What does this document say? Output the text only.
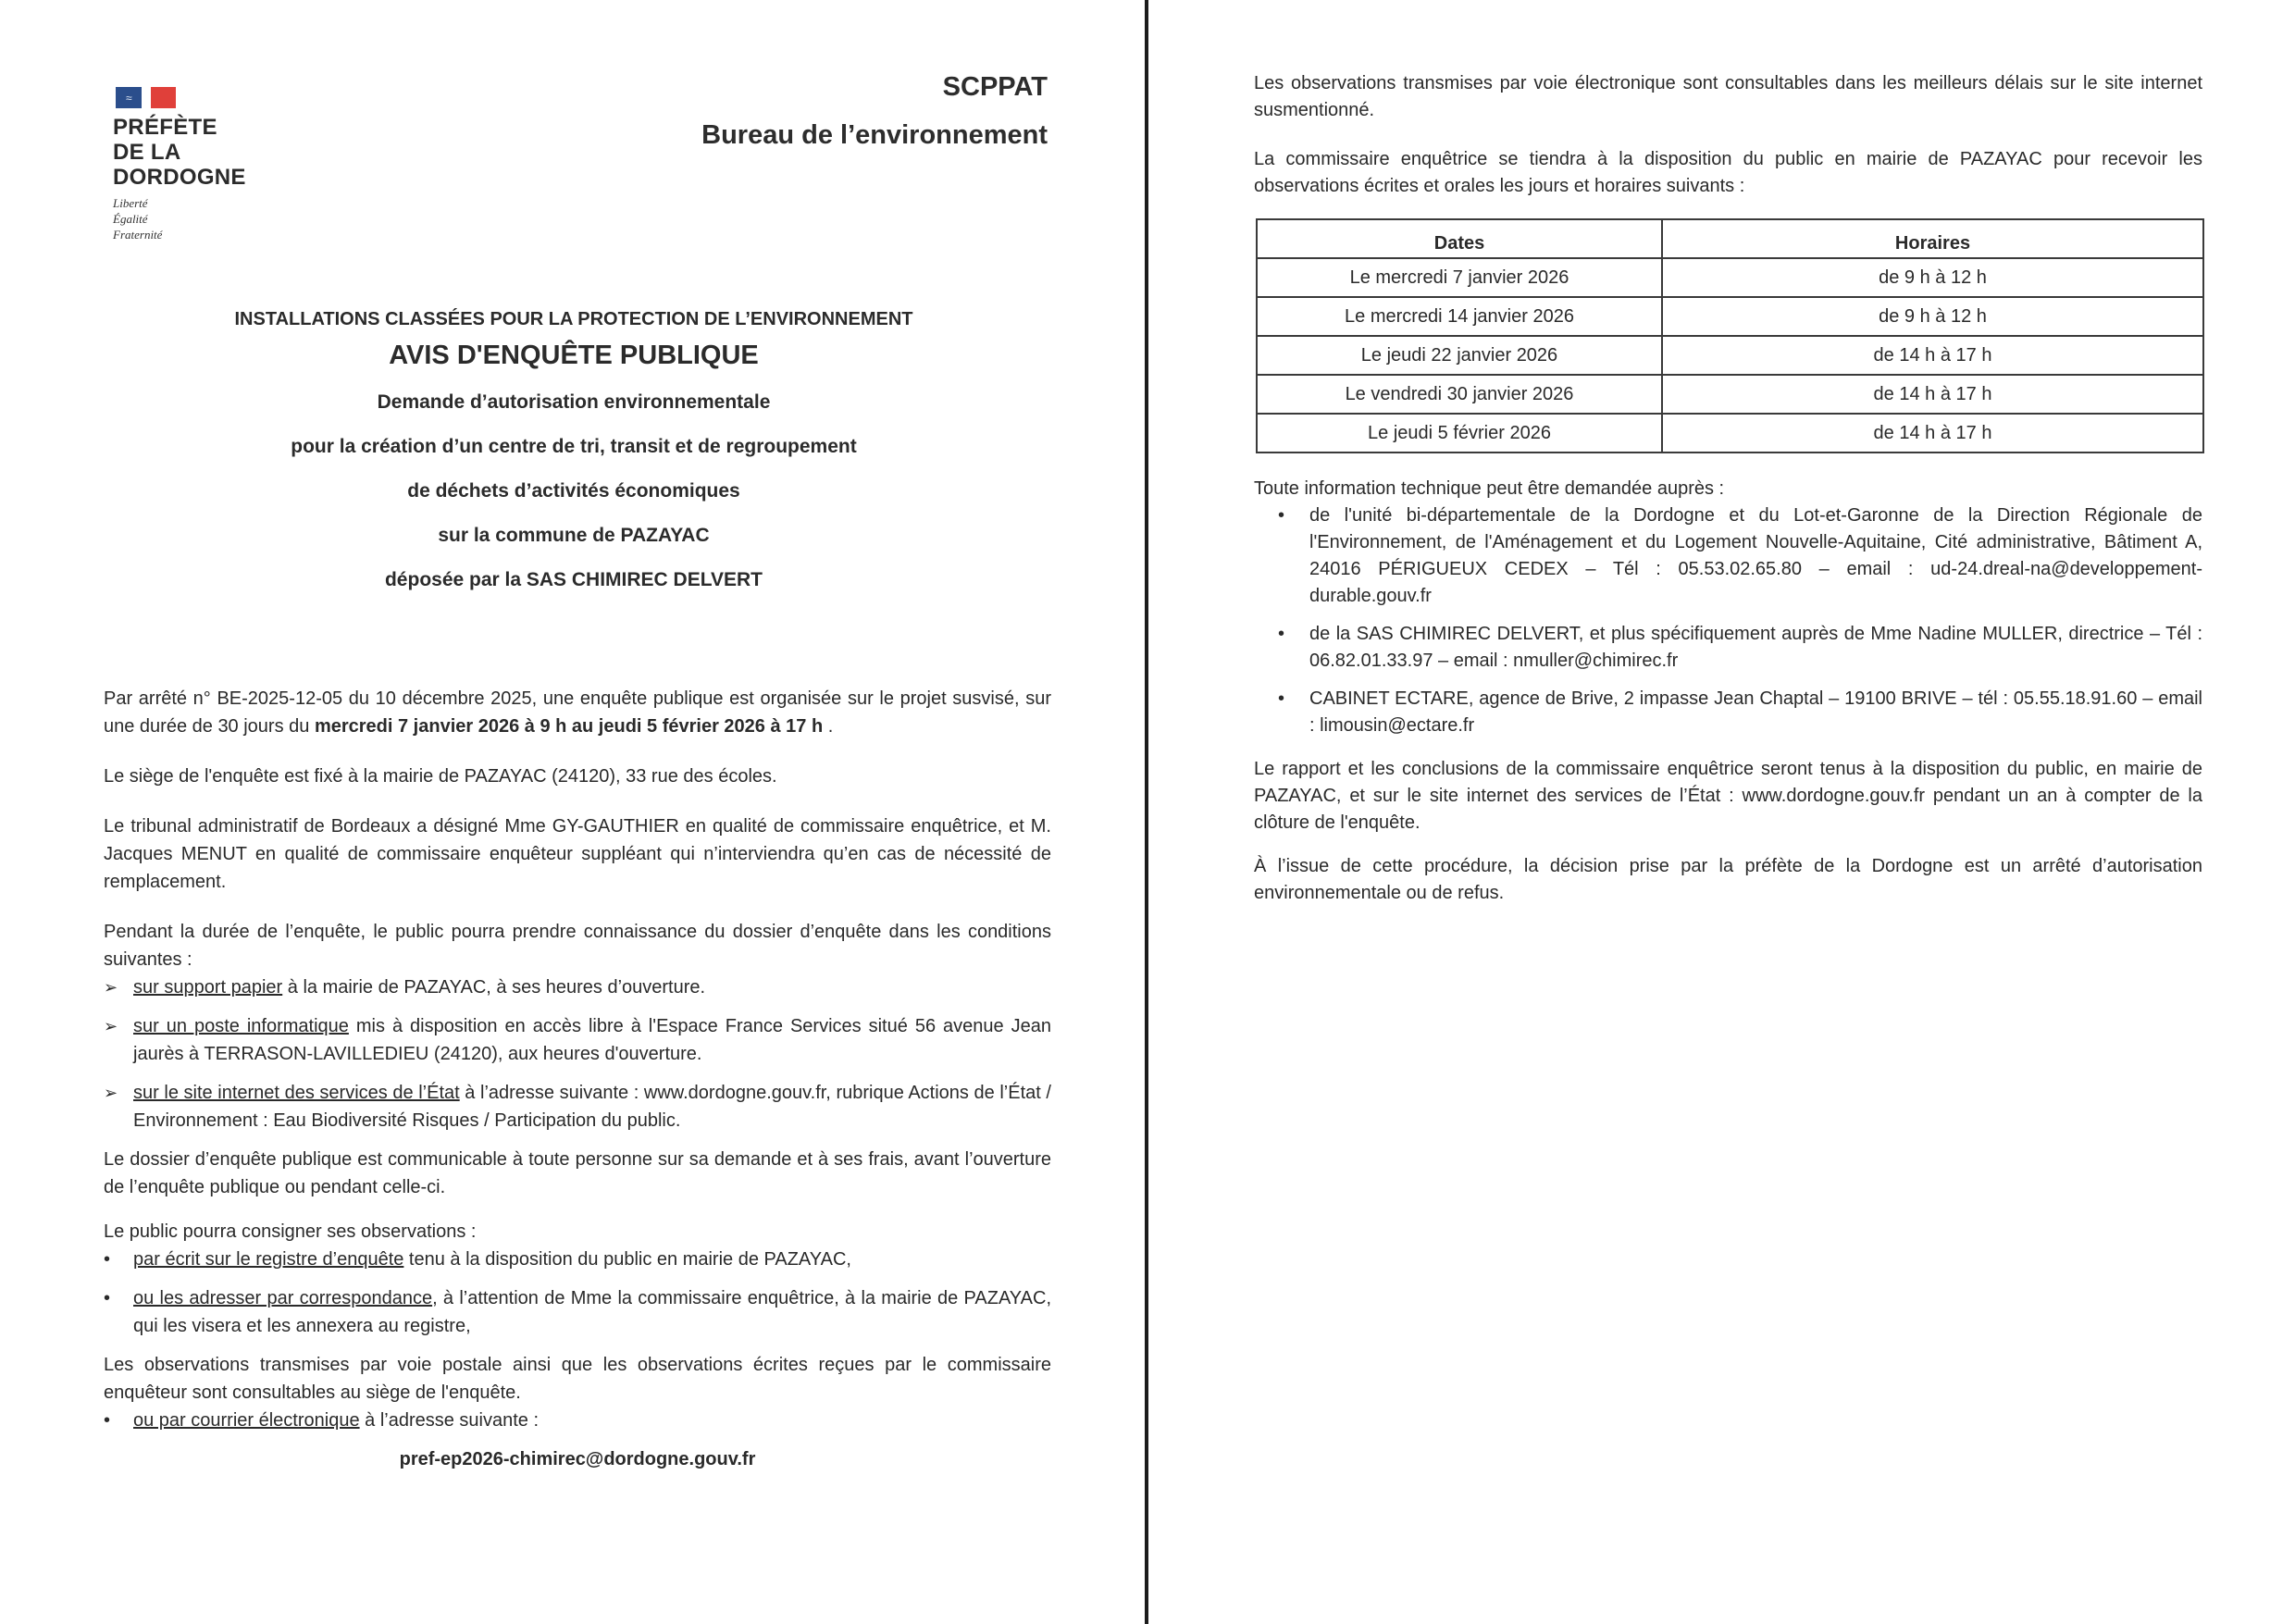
≈
PRÉFÈTE
DE LA
DORDOGNE
Liberté
Égalité
Fraternité
SCPPAT
Bureau de l’environnement
INSTALLATIONS CLASSÉES POUR LA PROTECTION DE L’ENVIRONNEMENT
AVIS D'ENQUÊTE PUBLIQUE
Demande d’autorisation environnementale
pour la création d’un centre de tri, transit et de regroupement
de déchets d’activités économiques
sur la commune de PAZAYAC
déposée par la SAS CHIMIREC DELVERT

Par arrêté n° BE-2025-12-05 du 10 décembre 2025, une enquête publique est organisée sur le projet susvisé, sur une durée de 30 jours du mercredi 7 janvier 2026 à 9 h au jeudi 5 février 2026 à 17 h .

Le siège de l'enquête est fixé à la mairie de PAZAYAC (24120), 33 rue des écoles.

Le tribunal administratif de Bordeaux a désigné Mme GY-GAUTHIER en qualité de commissaire enquêtrice, et M. Jacques MENUT en qualité de commissaire enquêteur suppléant qui n’interviendra qu’en cas de nécessité de remplacement.

Pendant la durée de l’enquête, le public pourra prendre connaissance du dossier d’enquête dans les conditions suivantes :

➢ sur support papier à la mairie de PAZAYAC, à ses heures d’ouverture.
➢ sur un poste informatique mis à disposition en accès libre à l'Espace France Services situé 56 avenue Jean jaurès à TERRASON-LAVILLEDIEU (24120), aux heures d'ouverture.
➢ sur le site internet des services de l’État à l’adresse suivante : www.dordogne.gouv.fr, rubrique Actions de l’État / Environnement : Eau Biodiversité Risques / Participation du public.

Le dossier d’enquête publique est communicable à toute personne sur sa demande et à ses frais, avant l’ouverture de l’enquête publique ou pendant celle-ci.

Le public pourra consigner ses observations :

•	par écrit sur le registre d’enquête tenu à la disposition du public en mairie de PAZAYAC,
•	ou les adresser par correspondance, à l’attention de Mme la commissaire enquêtrice, à la mairie de PAZAYAC, qui les visera et les annexera au registre,

Les observations transmises par voie postale ainsi que les observations écrites reçues par le commissaire enquêteur sont consultables au siège de l'enquête.

•	ou par courrier électronique à l’adresse suivante :
pref-ep2026-chimirec@dordogne.gouv.fr

Les observations transmises par voie électronique sont consultables dans les meilleurs délais sur le site internet susmentionné.

La commissaire enquêtrice se tiendra à la disposition du public en mairie de PAZAYAC pour recevoir les observations écrites et orales les jours et horaires suivants :

Dates	Horaires
Le mercredi 7 janvier 2026	de 9 h à 12 h
Le mercredi 14 janvier 2026	de 9 h à 12 h
Le jeudi 22 janvier 2026	de 14 h à 17 h
Le vendredi 30 janvier 2026	de 14 h à 17 h
Le jeudi 5 février 2026	de 14 h à 17 h

Toute information technique peut être demandée auprès :

•	de l'unité bi-départementale de la Dordogne et du Lot-et-Garonne de la Direction Régionale de l'Environnement, de l'Aménagement et du Logement Nouvelle-Aquitaine, Cité administrative, Bâtiment A, 24016 PÉRIGUEUX CEDEX – Tél : 05.53.02.65.80 – email : ud-24.dreal-na@developpement-durable.gouv.fr
•	de la SAS CHIMIREC DELVERT, et plus spécifiquement auprès de Mme Nadine MULLER, directrice – Tél : 06.82.01.33.97 – email : nmuller@chimirec.fr
•	CABINET ECTARE, agence de Brive, 2 impasse Jean Chaptal – 19100 BRIVE – tél : 05.55.18.91.60 – email : limousin@ectare.fr

Le rapport et les conclusions de la commissaire enquêtrice seront tenus à la disposition du public, en mairie de PAZAYAC, et sur le site internet des services de l’État : www.dordogne.gouv.fr pendant un an à compter de la clôture de l'enquête.

À l’issue de cette procédure, la décision prise par la préfète de la Dordogne est un arrêté d’autorisation environnementale ou de refus.
